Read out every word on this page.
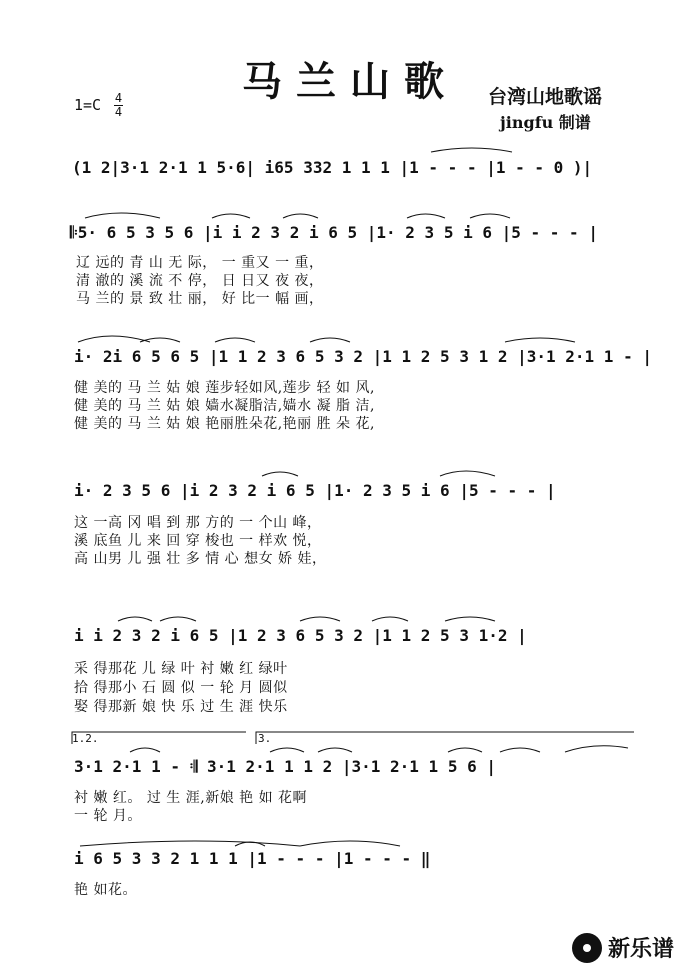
马兰山歌
1=C 4
4
台湾山地歌谣
jingfu 制谱
(1 2|3·1 2·1 1 5·6| i65 332 1 1 1 |1 - - - |1 - - 0 )|
𝄆5· 6 5 3 5 6 |i i 2 3 2 i 6 5 |1· 2 3 5 i 6 |5 - - - |
辽 远的 青 山 无 际， 一 重又 一 重，
清 澈的 溪 流 不 停， 日 日又 夜 夜，
马 兰的 景 致 壮 丽， 好 比一 幅 画，
i· 2i 6 5 6 5 |1 1 2 3 6 5 3 2 |1 1 2 5 3 1 2 |3·1 2·1 1 - |
健 美的 马 兰 姑 娘 莲步轻如风,莲步 轻 如 风,
健 美的 马 兰 姑 娘 嫱水凝脂洁,嫱水 凝 脂 洁,
健 美的 马 兰 姑 娘 艳丽胜朵花,艳丽 胜 朵 花,
i· 2 3 5 6 |i 2 3 2 i 6 5 |1· 2 3 5 i 6 |5 - - - |
这 一高 冈 唱 到 那 方的 一 个山 峰，
溪 底鱼 儿 来 回 穿 梭也 一 样欢 悦，
高 山男 儿 强 壮 多 情 心 想女 娇 娃，
i i 2 3 2 i 6 5 |1 2 3 6 5 3 2 |1 1 2 5 3 1·2 |
采 得那花 儿 绿 叶 衬 嫩 红 绿叶
拾 得那小 石 圆 似 一 轮 月 圆似
娶 得那新 娘 快 乐 过 生 涯 快乐
1.2.	3.
3·1 2·1 1 - 𝄇 3·1 2·1 1 1 2 |3·1 2·1 1 5 6 |
衬 嫩 红。 过 生 涯,新娘 艳 如 花啊
一 轮 月。
i 6 5 3 3 2 1 1 1 |1 - - - |1 - - - ‖
艳 如花。
新乐谱
